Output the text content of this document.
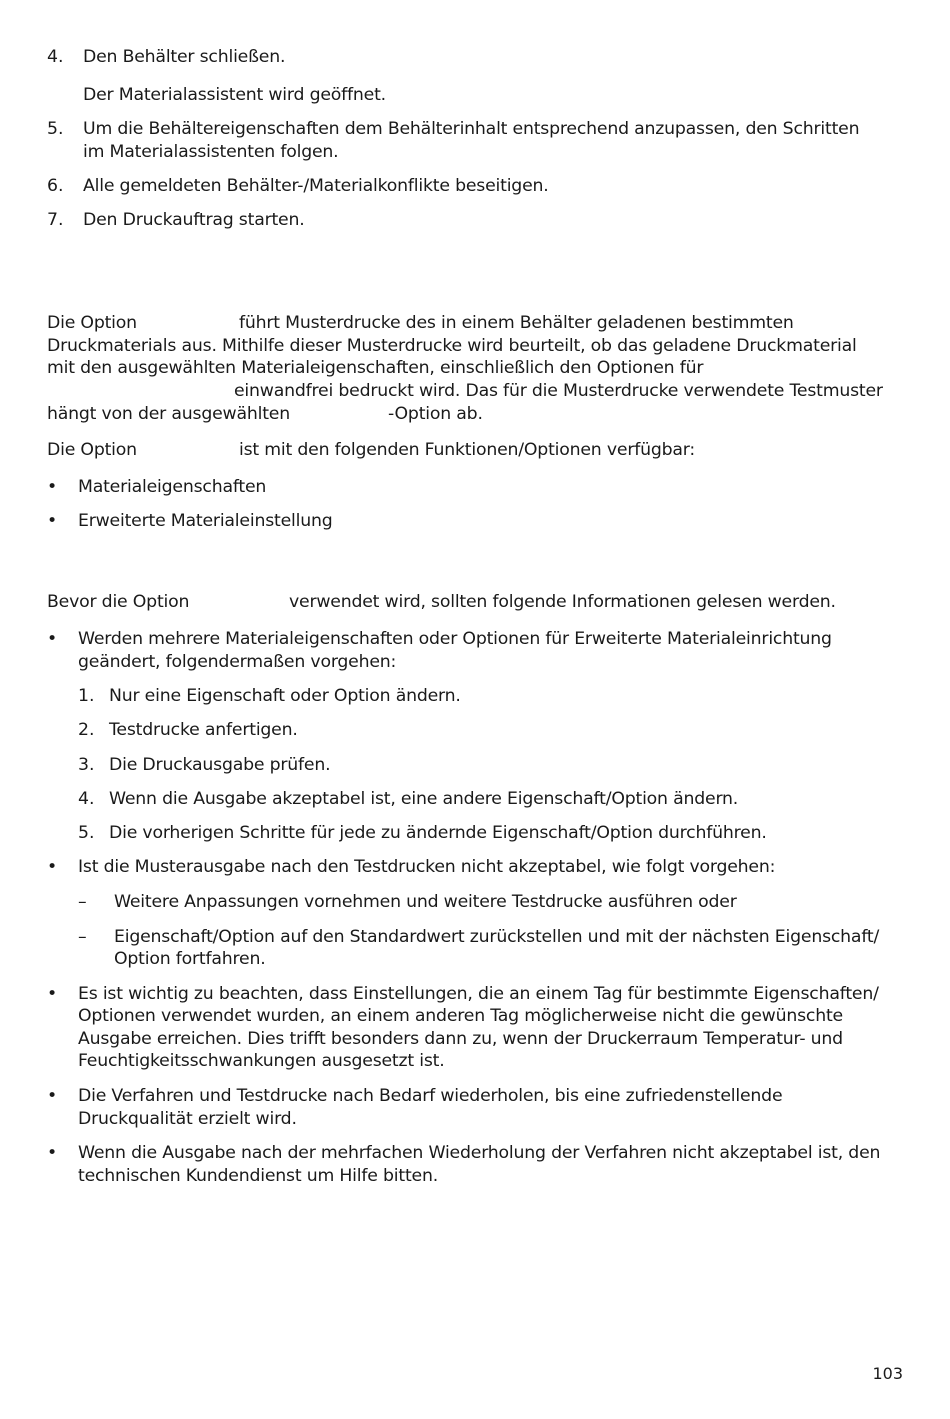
4. Den Behälter schließen.

Der Materialassistent wird geöffnet.

5. Um die Behältereigenschaften dem Behälterinhalt entsprechend anzupassen, den Schritten

im Materialassistenten folgen.

6. Alle gemeldeten Behälter-/Materialkonflikte beseitigen.

7. Den Druckauftrag starten.

Die Option	führt Musterdrucke des in einem Behälter geladenen bestimmten

Druckmaterials aus. Mithilfe dieser Musterdrucke wird beurteilt, ob das geladene Druckmaterial

mit den ausgewählten Materialeigenschaften, einschließlich den Optionen für

einwandfrei bedruckt wird. Das für die Musterdrucke verwendete Testmuster

hängt von der ausgewählten	-Option ab.

Die Option	ist mit den folgenden Funktionen/Optionen verfügbar:

• Materialeigenschaften

• Erweiterte Materialeinstellung

Bevor die Option	verwendet wird, sollten folgende Informationen gelesen werden.

• Werden mehrere Materialeigenschaften oder Optionen für Erweiterte Materialeinrichtung

geändert, folgendermaßen vorgehen:

1. Nur eine Eigenschaft oder Option ändern.

2. Testdrucke anfertigen.

3. Die Druckausgabe prüfen.

4. Wenn die Ausgabe akzeptabel ist, eine andere Eigenschaft/Option ändern.

5. Die vorherigen Schritte für jede zu ändernde Eigenschaft/Option durchführen.

• Ist die Musterausgabe nach den Testdrucken nicht akzeptabel, wie folgt vorgehen:

– Weitere Anpassungen vornehmen und weitere Testdrucke ausführen oder

– Eigenschaft/Option auf den Standardwert zurückstellen und mit der nächsten Eigenschaft/

Option fortfahren.

• Es ist wichtig zu beachten, dass Einstellungen, die an einem Tag für bestimmte Eigenschaften/

Optionen verwendet wurden, an einem anderen Tag möglicherweise nicht die gewünschte

Ausgabe erreichen. Dies trifft besonders dann zu, wenn der Druckerraum Temperatur- und

Feuchtigkeitsschwankungen ausgesetzt ist.

• Die Verfahren und Testdrucke nach Bedarf wiederholen, bis eine zufriedenstellende

Druckqualität erzielt wird.

• Wenn die Ausgabe nach der mehrfachen Wiederholung der Verfahren nicht akzeptabel ist, den

technischen Kundendienst um Hilfe bitten.

103
